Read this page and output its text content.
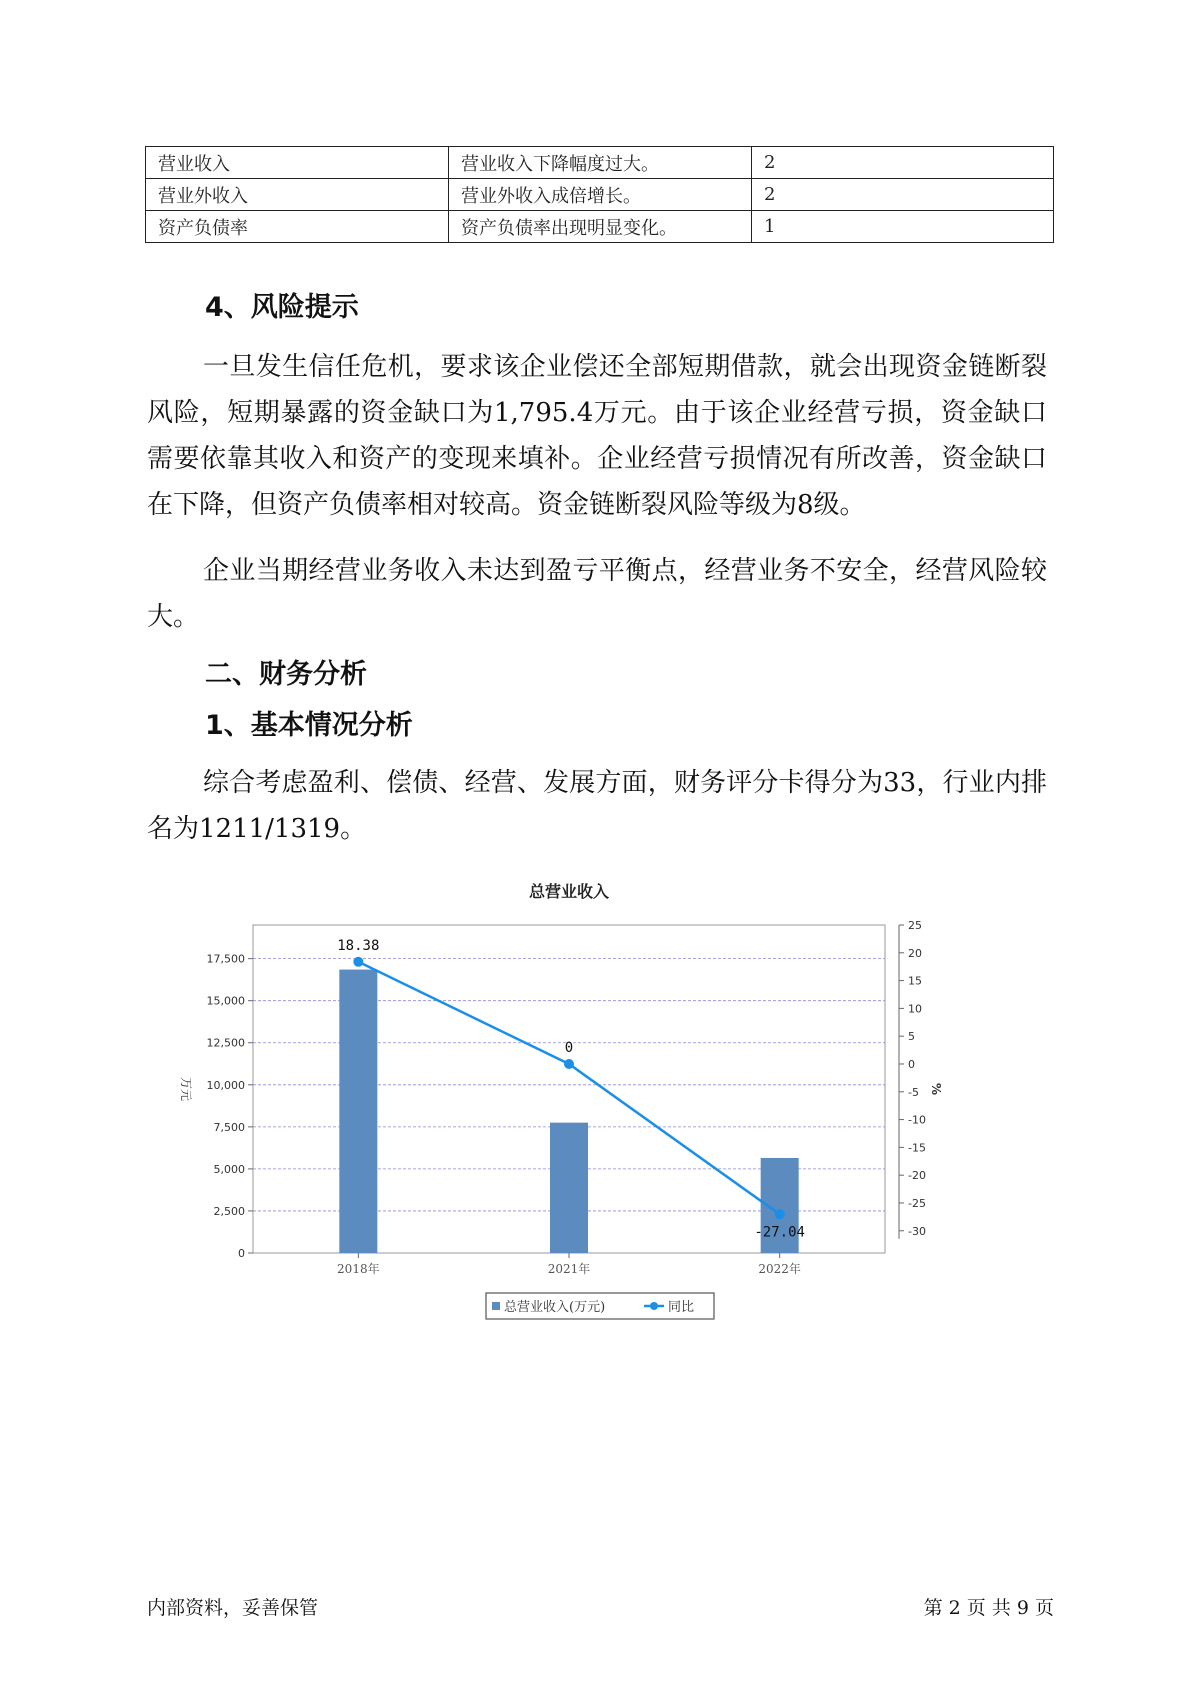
营业收入	营业收入下降幅度过大。	2
营业外收入	营业外收入成倍增长。	2
资产负债率	资产负债率出现明显变化。	1
4、风险提示

一旦发生信任危机，要求该企业偿还全部短期借款，就会出现资金链断裂风险，短期暴露的资金缺口为1,795.4万元。由于该企业经营亏损，资金缺口需要依靠其收入和资产的变现来填补。企业经营亏损情况有所改善，资金缺口在下降，但资产负债率相对较高。资金链断裂风险等级为8级。

企业当期经营业务收入未达到盈亏平衡点，经营业务不安全，经营风险较大。

二、财务分析
1、基本情况分析

综合考虑盈利、偿债、经营、发展方面，财务评分卡得分为33，行业内排名为1211/1319。

总营业收入
0
2,500
5,000
7,500
10,000
12,500
15,000
17,500
万元
25
20
15
10
5
0
-5
-10
-15
-20
-25
-30
%
2018年	2021年	2022年
18.38
0
-27.04
总营业收入(万元)	同比
内部资料，妥善保管	第 2 页 共 9 页
